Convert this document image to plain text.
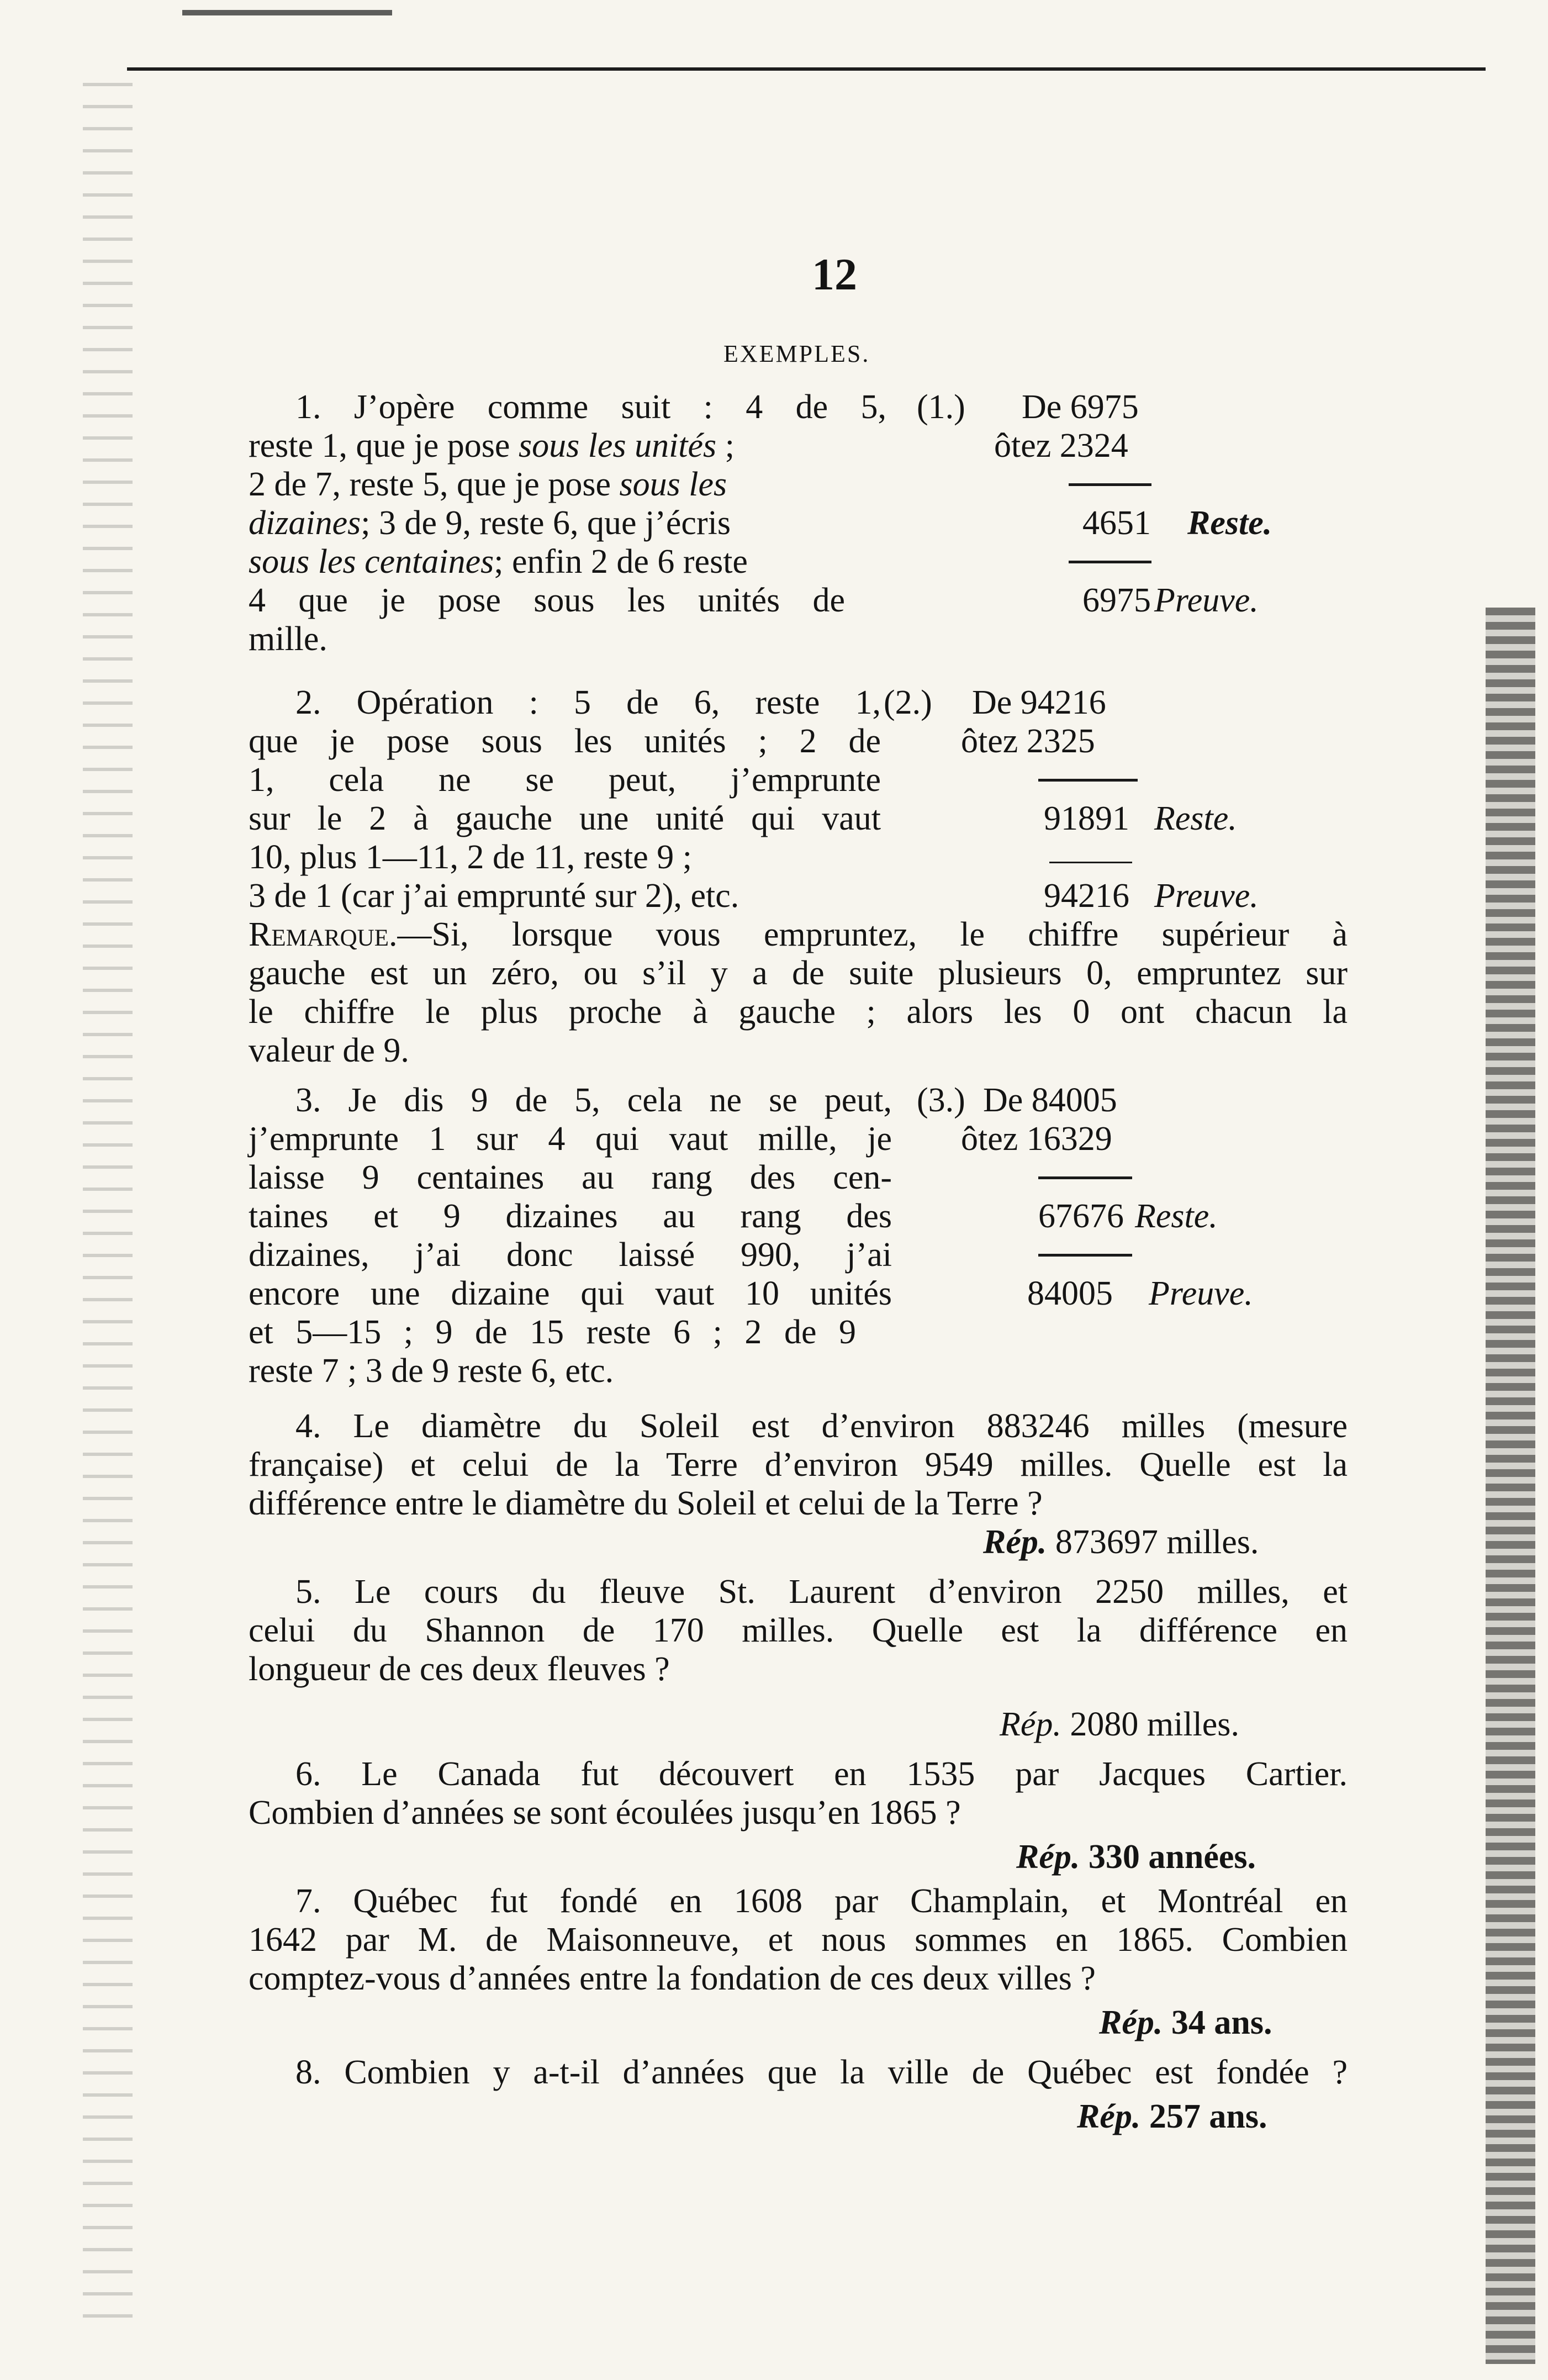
12
EXEMPLES.
1. J’opère comme suit : 4 de 5,
reste 1, que je pose sous les unités ;
2 de 7, reste 5, que je pose sous les
dizaines; 3 de 9, reste 6, que j’écris
sous les centaines; enfin 2 de 6 reste
4 que je pose sous les unités de
mille.
(1.) De 6975
ôtez 2324
4651 Reste.
6975 Preuve.
2. Opération : 5 de 6, reste 1,
que je pose sous les unités ; 2 de
1, cela ne se peut, j’emprunte
sur le 2 à gauche une unité qui vaut
10, plus 1—11, 2 de 11, reste 9 ;
3 de 1 (car j’ai emprunté sur 2), etc.
(2.) De 94216
ôtez 2325
91891 Reste.
94216 Preuve.
Remarque.—Si, lorsque vous empruntez, le chiffre supérieur à
gauche est un zéro, ou s’il y a de suite plusieurs 0, empruntez sur
le chiffre le plus proche à gauche ; alors les 0 ont chacun la
valeur de 9.
3. Je dis 9 de 5, cela ne se peut,
j’emprunte 1 sur 4 qui vaut mille, je
laisse 9 centaines au rang des cen-
taines et 9 dizaines au rang des
dizaines, j’ai donc laissé 990, j’ai
encore une dizaine qui vaut 10 unités
et 5—15 ; 9 de 15 reste 6 ; 2 de 9
reste 7 ; 3 de 9 reste 6, etc.
(3.) De 84005
ôtez 16329
67676 Reste.
84005 Preuve.
4. Le diamètre du Soleil est d’environ 883246 milles (mesure
française) et celui de la Terre d’environ 9549 milles. Quelle est la
différence entre le diamètre du Soleil et celui de la Terre ?
Rép. 873697 milles.
5. Le cours du fleuve St. Laurent d’environ 2250 milles, et
celui du Shannon de 170 milles. Quelle est la différence en
longueur de ces deux fleuves ?
Rép. 2080 milles.
6. Le Canada fut découvert en 1535 par Jacques Cartier.
Combien d’années se sont écoulées jusqu’en 1865 ?
Rép. 330 années.
7. Québec fut fondé en 1608 par Champlain, et Montréal en
1642 par M. de Maisonneuve, et nous sommes en 1865. Combien
comptez-vous d’années entre la fondation de ces deux villes ?
Rép. 34 ans.
8. Combien y a-t-il d’années que la ville de Québec est fondée ?
Rép. 257 ans.
